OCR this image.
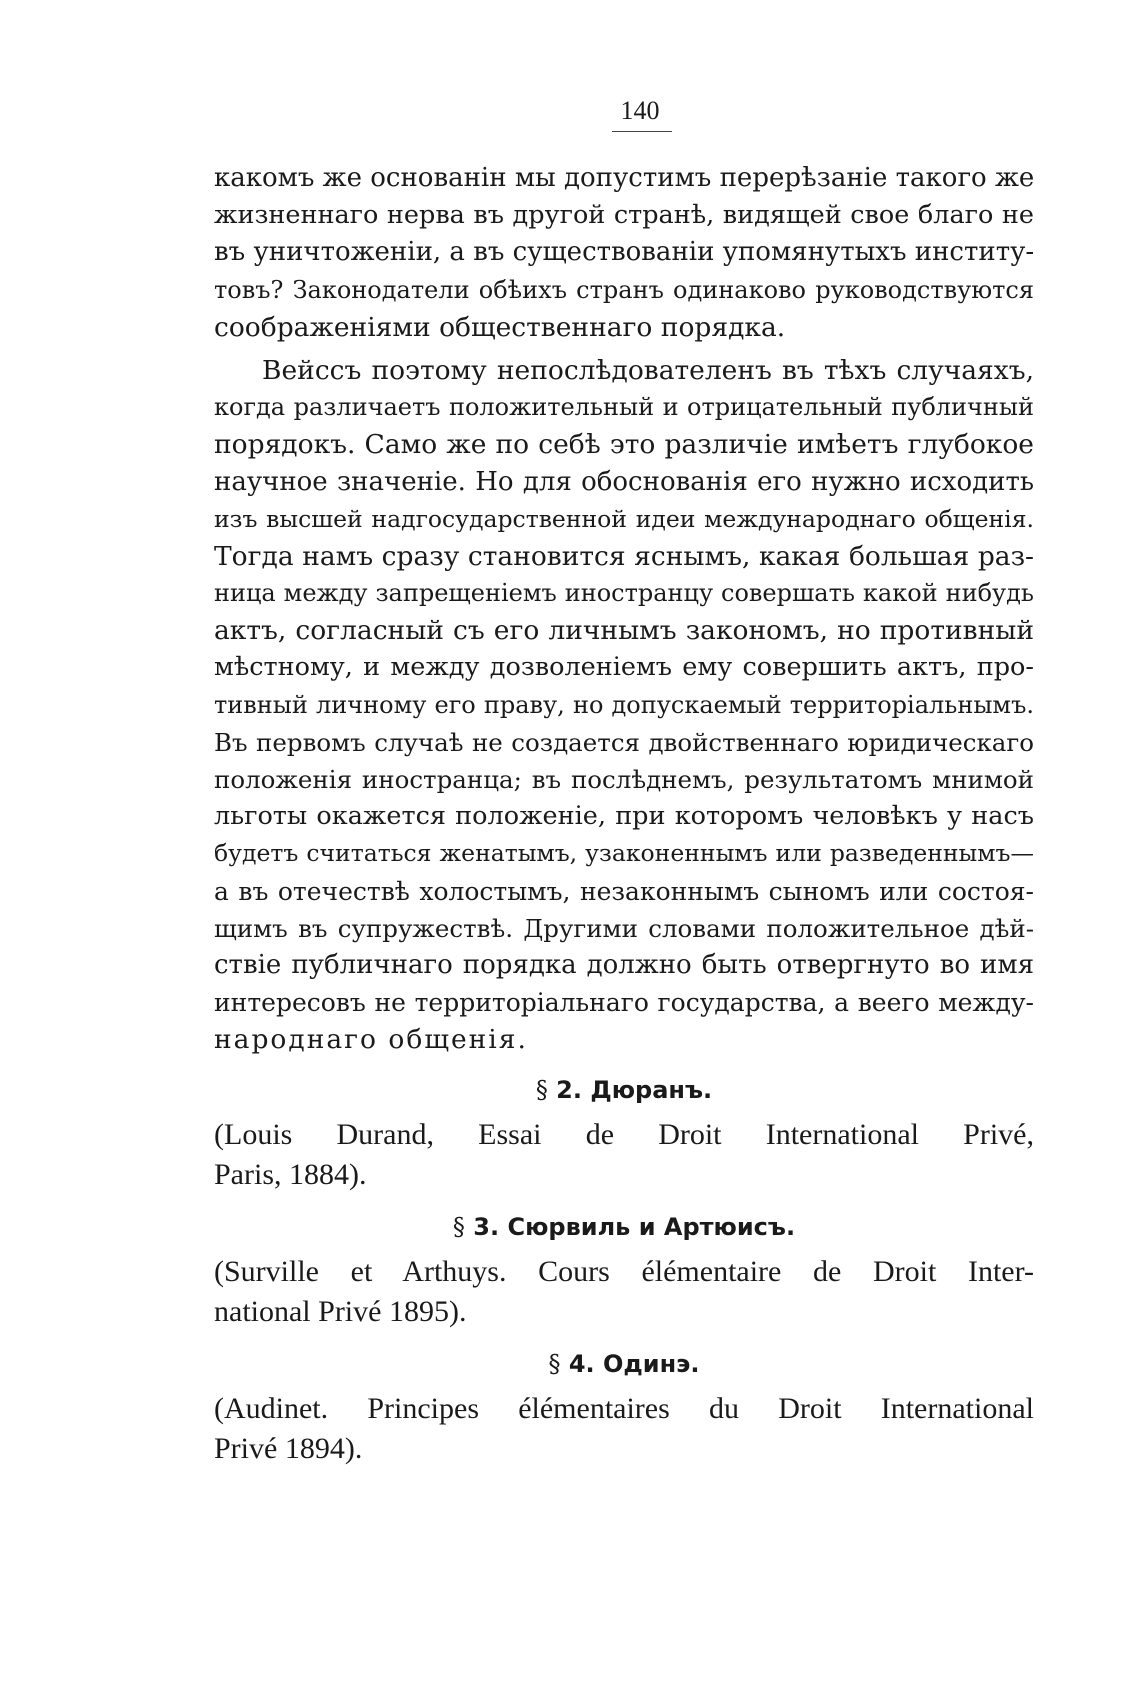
140
какомъ же основанін мы допустимъ перерѣзаніе такого же
жизненнаго нерва въ другой странѣ, видящей свое благо не
въ уничтоженіи, а въ существованіи упомянутыхъ институ-
товъ? Законодатели обѣихъ странъ одинаково руководствуются
соображеніями общественнаго порядка.
Вейссъ поэтому непослѣдователенъ въ тѣхъ случаяхъ,
когда различаетъ положительный и отрицательный публичный
порядокъ. Само же по себѣ это различіе имѣетъ глубокое
научное значеніе. Но для обоснованія его нужно исходить
изъ высшей надгосударственной идеи международнаго общенія.
Тогда намъ сразу становится яснымъ, какая большая раз-
ница между запрещеніемъ иностранцу совершать какой нибудь
актъ, согласный съ его личнымъ закономъ, но противный
мѣстному, и между дозволеніемъ ему совершить актъ, про-
тивный личному его праву, но допускаемый территоріальнымъ.
Въ первомъ случаѣ не создается двойственнаго юридическаго
положенія иностранца; въ послѣднемъ, результатомъ мнимой
льготы окажется положеніе, при которомъ человѣкъ у насъ
будетъ считаться женатымъ, узаконеннымъ или разведеннымъ—
а въ отечествѣ холостымъ, незаконнымъ сыномъ или состоя-
щимъ въ супружествѣ. Другими словами положительное дѣй-
ствіе публичнаго порядка должно быть отвергнуто во имя
интересовъ не территоріальнаго государства, а веего между-
народнаго общенія.

§ 2. Дюранъ.

(Louis Durand, Essai de Droit International Privé,
Paris, 1884).

§ 3. Сюрвиль и Артюисъ.

(Surville et Arthuys. Cours élémentaire de Droit Inter-
national Privé 1895).

§ 4. Одинэ.

(Audinet. Principes élémentaires du Droit International
Privé 1894).
